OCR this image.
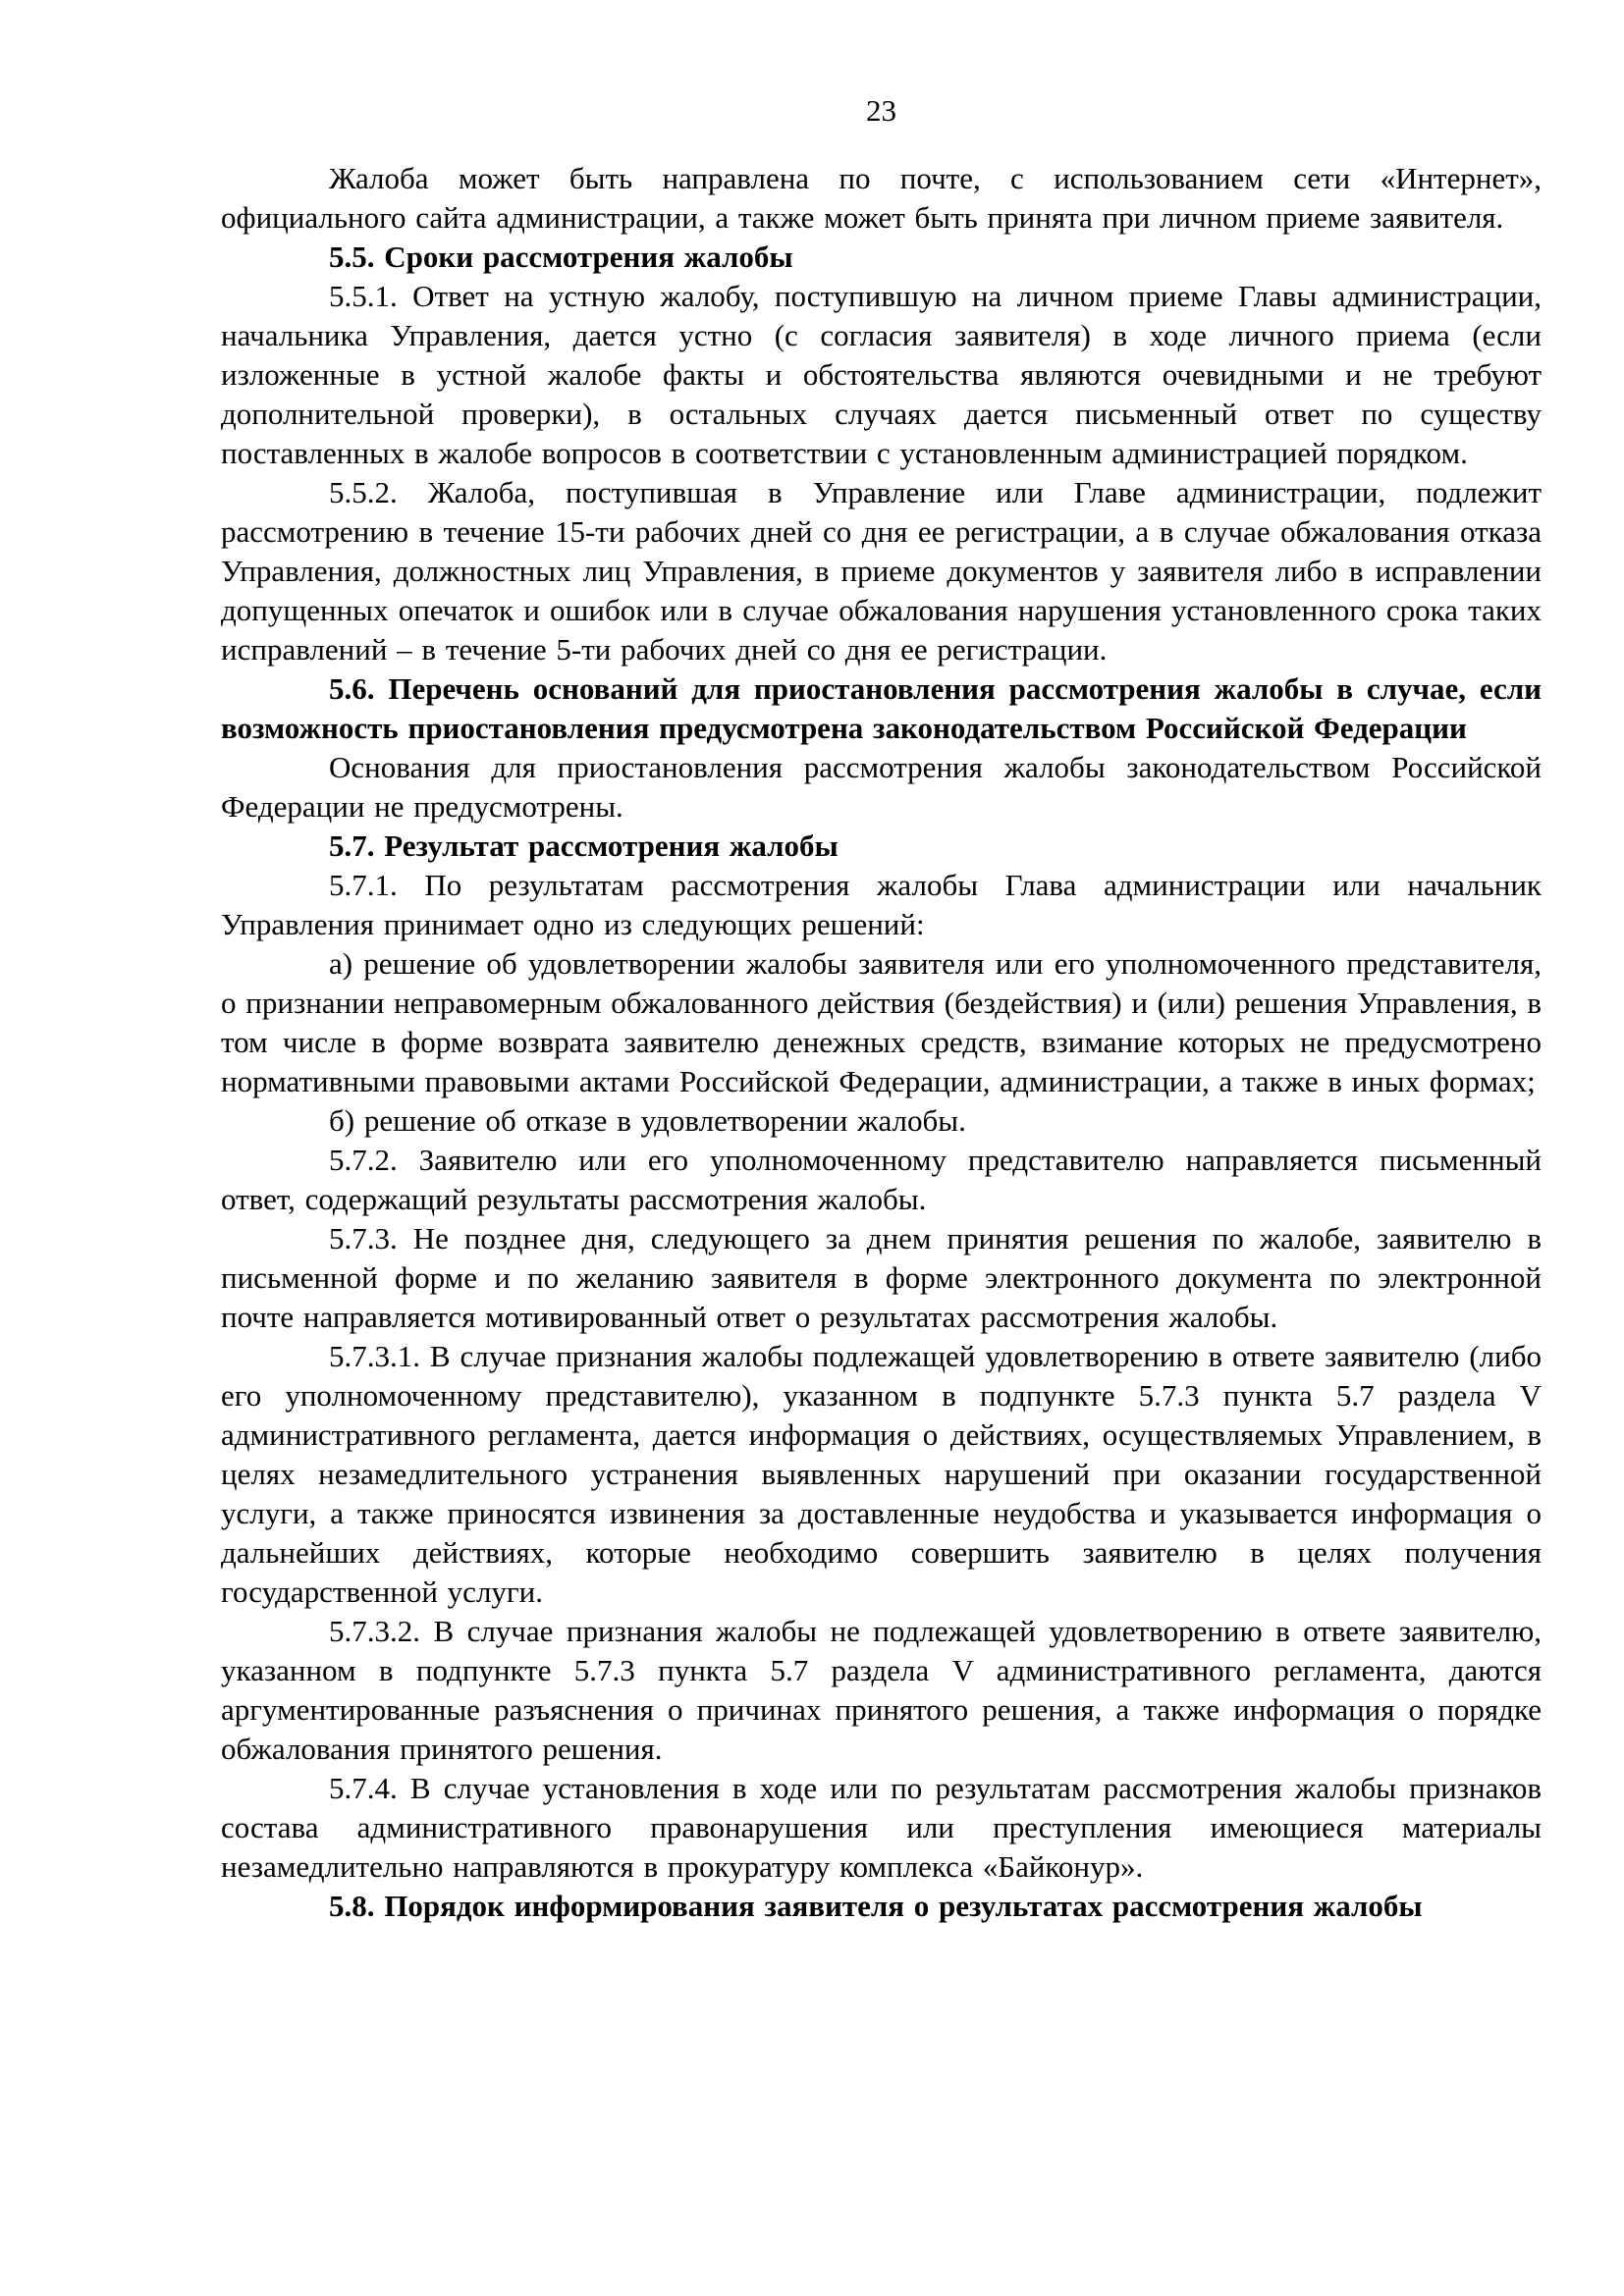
23

Жалоба может быть направлена по почте, с использованием сети «Интернет», официального сайта администрации, а также может быть принята при личном приеме заявителя.

5.5. Сроки рассмотрения жалобы

5.5.1. Ответ на устную жалобу, поступившую на личном приеме Главы администрации, начальника Управления, дается устно (с согласия заявителя) в ходе личного приема (если изложенные в устной жалобе факты и обстоятельства являются очевидными и не требуют дополнительной проверки), в остальных случаях дается письменный ответ по существу поставленных в жалобе вопросов в соответствии с установленным администрацией порядком.

5.5.2. Жалоба, поступившая в Управление или Главе администрации, подлежит рассмотрению в течение 15-ти рабочих дней со дня ее регистрации, а в случае обжалования отказа Управления, должностных лиц Управления, в приеме документов у заявителя либо в исправлении допущенных опечаток и ошибок или в случае обжалования нарушения установленного срока таких исправлений – в течение 5-ти рабочих дней со дня ее регистрации.

5.6. Перечень оснований для приостановления рассмотрения жалобы в случае, если возможность приостановления предусмотрена законодательством Российской Федерации

Основания для приостановления рассмотрения жалобы законодательством Российской Федерации не предусмотрены.

5.7. Результат рассмотрения жалобы

5.7.1. По результатам рассмотрения жалобы Глава администрации или начальник Управления принимает одно из следующих решений:

а) решение об удовлетворении жалобы заявителя или его уполномоченного представителя, о признании неправомерным обжалованного действия (бездействия) и (или) решения Управления, в том числе в форме возврата заявителю денежных средств, взимание которых не предусмотрено нормативными правовыми актами Российской Федерации, администрации, а также в иных формах;

б) решение об отказе в удовлетворении жалобы.

5.7.2. Заявителю или его уполномоченному представителю направляется письменный ответ, содержащий результаты рассмотрения жалобы.

5.7.3. Не позднее дня, следующего за днем принятия решения по жалобе, заявителю в письменной форме и по желанию заявителя в форме электронного документа по электронной почте направляется мотивированный ответ о результатах рассмотрения жалобы.

5.7.3.1. В случае признания жалобы подлежащей удовлетворению в ответе заявителю (либо его уполномоченному представителю), указанном в подпункте 5.7.3 пункта 5.7 раздела V административного регламента, дается информация о действиях, осуществляемых Управлением, в целях незамедлительного устранения выявленных нарушений при оказании государственной услуги, а также приносятся извинения за доставленные неудобства и указывается информация о дальнейших действиях, которые необходимо совершить заявителю в целях получения государственной услуги.

5.7.3.2. В случае признания жалобы не подлежащей удовлетворению в ответе заявителю, указанном в подпункте 5.7.3 пункта 5.7 раздела V административного регламента, даются аргументированные разъяснения о причинах принятого решения, а также информация о порядке обжалования принятого решения.

5.7.4. В случае установления в ходе или по результатам рассмотрения жалобы признаков состава административного правонарушения или преступления имеющиеся материалы незамедлительно направляются в прокуратуру комплекса «Байконур».

5.8. Порядок информирования заявителя о результатах рассмотрения жалобы
